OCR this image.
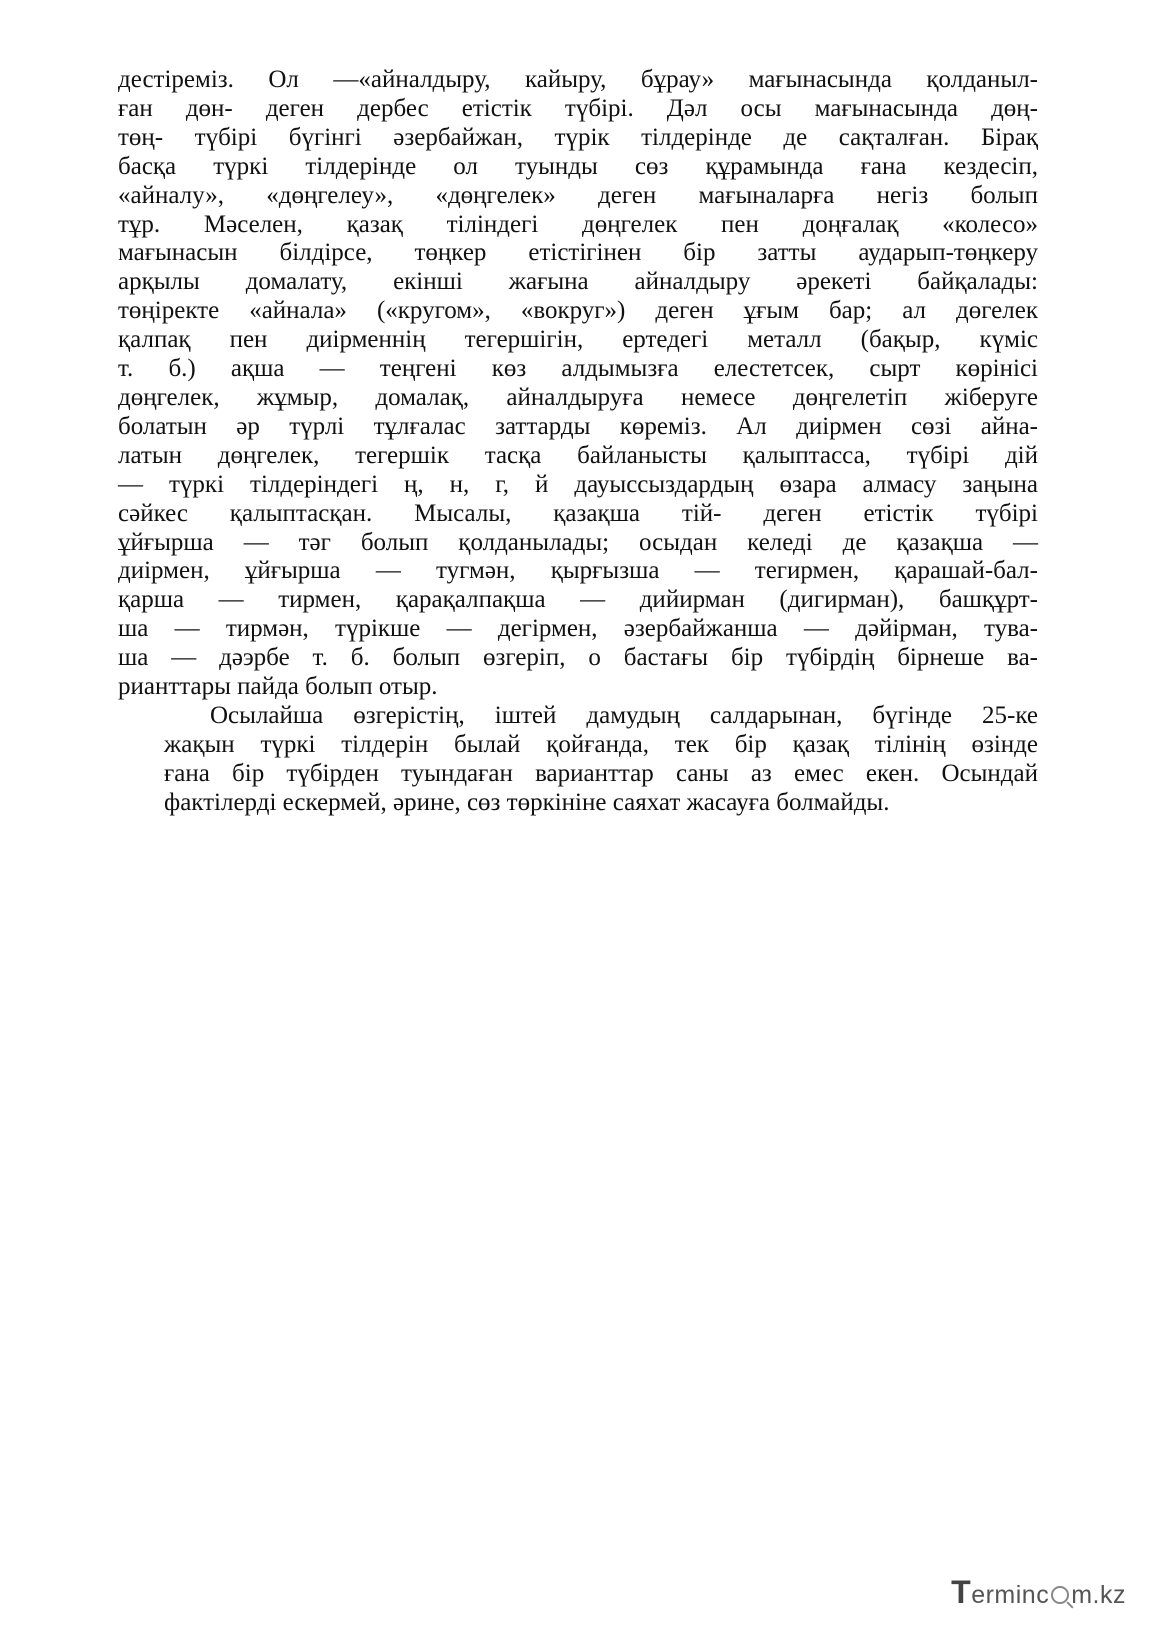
дестіреміз. Ол —«айналдыру, кайыру, бұрау» мағынасында қолданыл-
ған дөн- деген дербес етістік түбірі. Дәл осы мағынасында дөң-
төң- түбірі бүгінгі әзербайжан, түрік тілдерінде де сақталған. Бірақ
басқа түркі тілдерінде ол туынды сөз құрамында ғана кездесіп,
«айналу», «дөңгелеу», «дөңгелек» деген мағыналарға негіз болып
тұр. Мәселен, қазақ тіліндегі дөңгелек пен доңғалақ «колесо»
мағынасын білдірсе, төңкер етістігінен бір затты аударып-төңкеру
арқылы домалату, екінші жағына айналдыру әрекеті байқалады:
төңіректе «айнала» («кругом», «вокруг») деген ұғым бар; ал дөгелек
қалпақ пен диірменнің тегершігін, ертедегі металл (бақыр, күміс
т. б.) ақша — теңгені көз алдымызға елестетсек, сырт көрінісі
дөңгелек, жұмыр, домалақ, айналдыруға немесе дөңгелетіп жіберуге
болатын әр түрлі тұлғалас заттарды көреміз. Ал диірмен сөзі айна-
латын дөңгелек, тегершік тасқа байланысты қалыптасса, түбірі дій
— түркі тілдеріндегі ң, н, г, й дауыссыздардың өзара алмасу заңына
сәйкес қалыптасқан. Мысалы, қазақша тій- деген етістік түбірі
ұйғырша — тәг болып қолданылады; осыдан келеді де қазақша —
диірмен, ұйғырша — тугмән, қырғызша — тегирмен, қарашай-бал-
қарша — тирмен, қарақалпақша — дийирман (дигирман), башқұрт-
ша — тирмән, түрікше — дегірмен, әзербайжанша — дәйірман, тува-
ша — дәэрбе т. б. болып өзгеріп, о бастағы бір түбірдің бірнеше ва-
рианттары пайда болып отыр.

Осылайша өзгерістің, іштей дамудың салдарынан, бүгінде 25-ке
жақын түркі тілдерін былай қойғанда, тек бір қазақ тілінің өзінде
ғана бір түбірден туындаған варианттар саны аз емес екен. Осындай
фактілерді ескермей, әрине, сөз төркініне саяхат жасауға болмайды.

T erminc m.kz
